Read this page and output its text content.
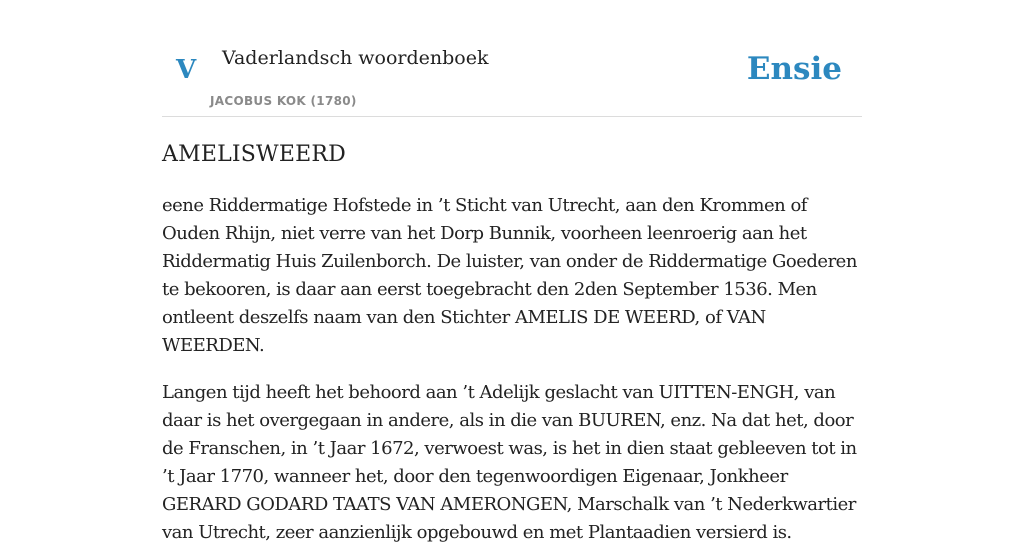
V Vaderlandsch woordenboek
JACOBUS KOK (1780)
Ensie
AMELISWEERD

eene Riddermatige Hofstede in ’t Sticht van Utrecht, aan den Krommen of Ouden Rhijn, niet verre van het Dorp Bunnik, voorheen leenroerig aan het Riddermatig Huis Zuilenborch. De luister, van onder de Riddermatige Goederen te bekooren, is daar aan eerst toegebracht den 2den September 1536. Men ontleent deszelfs naam van den Stichter AMELIS DE WEERD, of VAN WEERDEN.

Langen tijd heeft het behoord aan ’t Adelijk geslacht van UITTEN-ENGH, van daar is het overgegaan in andere, als in die van BUUREN, enz. Na dat het, door de Franschen, in ’t Jaar 1672, verwoest was, is het in dien staat gebleeven tot in ’t Jaar 1770, wanneer het, door den tegenwoordigen Eigenaar, Jonkheer GERARD GODARD TAATS VAN AMERONGEN, Marschalk van ’t Nederkwartier van Utrecht, zeer aanzienlijk opgebouwd en met Plantaadien versierd is.
